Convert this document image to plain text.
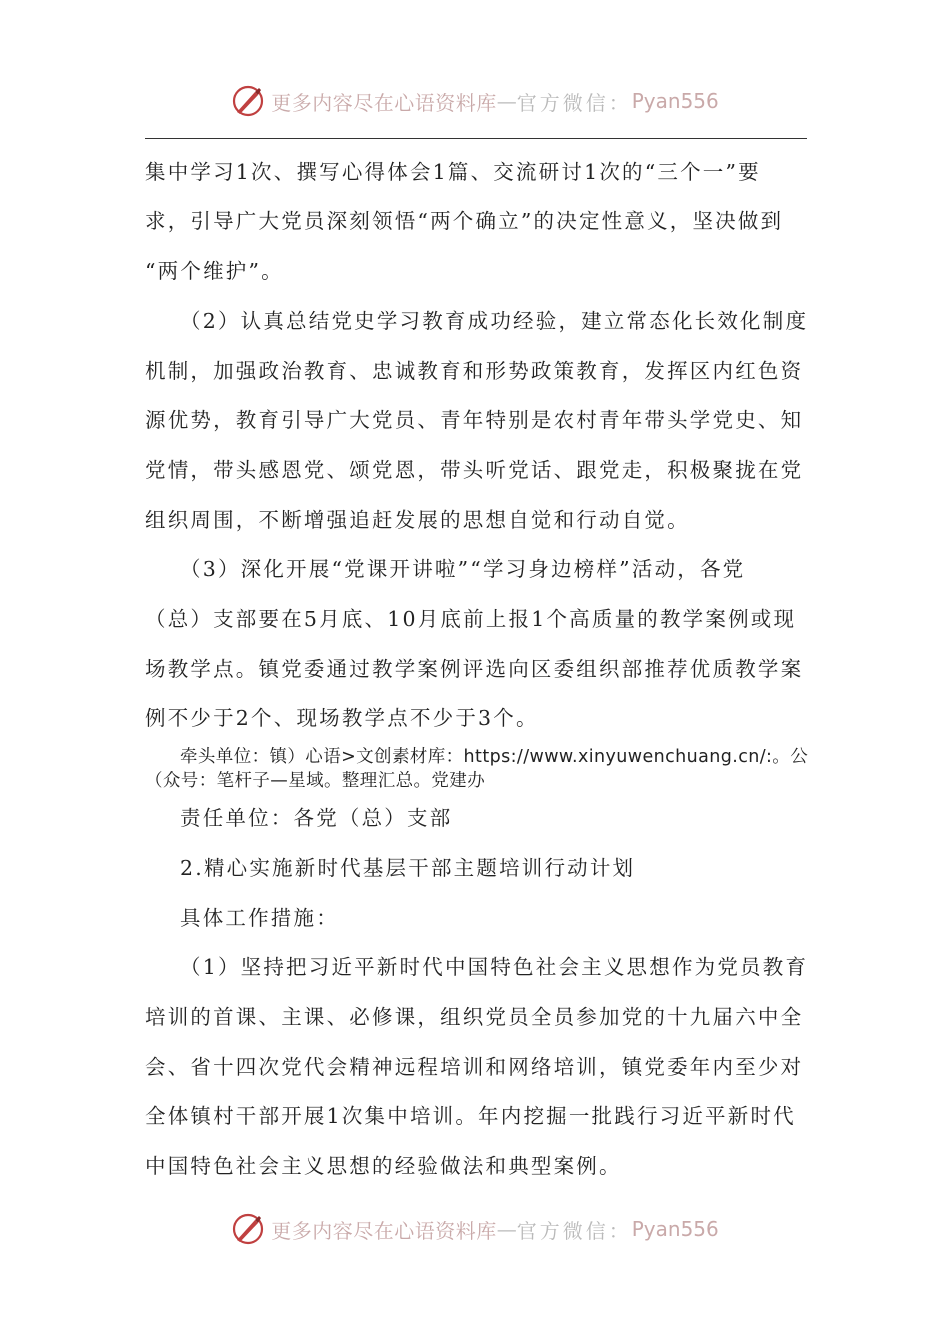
更多内容尽在心语资料库 — 官方微信： Pyan556
集中学习1次、撰写心得体会1篇、交流研讨1次的“三个一”要
求，引导广大党员深刻领悟“两个确立”的决定性意义，坚决做到
“两个维护”。
（2）认真总结党史学习教育成功经验，建立常态化长效化制度
机制，加强政治教育、忠诚教育和形势政策教育，发挥区内红色资
源优势，教育引导广大党员、青年特别是农村青年带头学党史、知
党情，带头感恩党、颂党恩，带头听党话、跟党走，积极聚拢在党
组织周围，不断增强追赶发展的思想自觉和行动自觉。
（3）深化开展“党课开讲啦”“学习身边榜样”活动，各党
（总）支部要在5月底、10月底前上报1个高质量的教学案例或现
场教学点。镇党委通过教学案例评选向区委组织部推荐优质教学案
例不少于2个、现场教学点不少于3个。
牵头单位：镇）心语>文创素材库：https://www.xinyuwenchuang.cn/:。公
（众号：笔杆子—星域。整理汇总。党建办
责任单位：各党（总）支部
2.精心实施新时代基层干部主题培训行动计划
具体工作措施：
（1）坚持把习近平新时代中国特色社会主义思想作为党员教育
培训的首课、主课、必修课，组织党员全员参加党的十九届六中全
会、省十四次党代会精神远程培训和网络培训，镇党委年内至少对
全体镇村干部开展1次集中培训。年内挖掘一批践行习近平新时代
中国特色社会主义思想的经验做法和典型案例。
更多内容尽在心语资料库 — 官方微信： Pyan556
